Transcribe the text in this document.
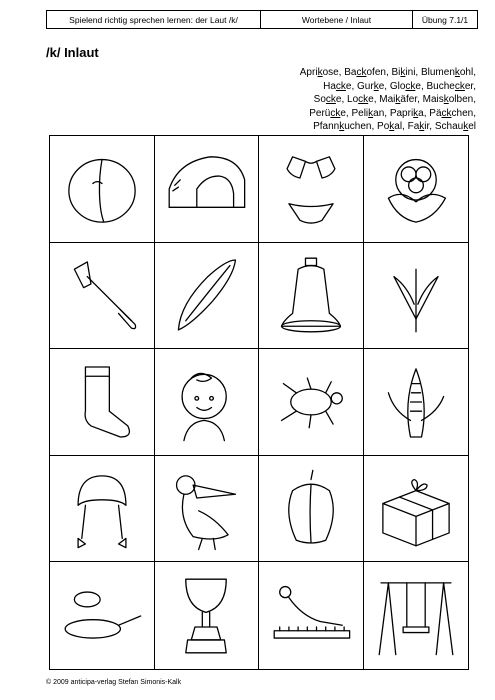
Spielend richtig sprechen lernen: der Laut /k/	Wortebene / Inlaut	Übung 7.1/1
/k/ Inlaut
Aprikose, Backofen, Bikini, Blumenkohl,
Hacke, Gurke, Glocke, Buchecker,
Socke, Locke, Maikäfer, Maiskolben,
Perücke, Pelikan, Paprika, Päckchen,
Pfannkuchen, Pokal, Fakir, Schaukel
© 2009 anticipa-verlag Stefan Simonis-Kalk
